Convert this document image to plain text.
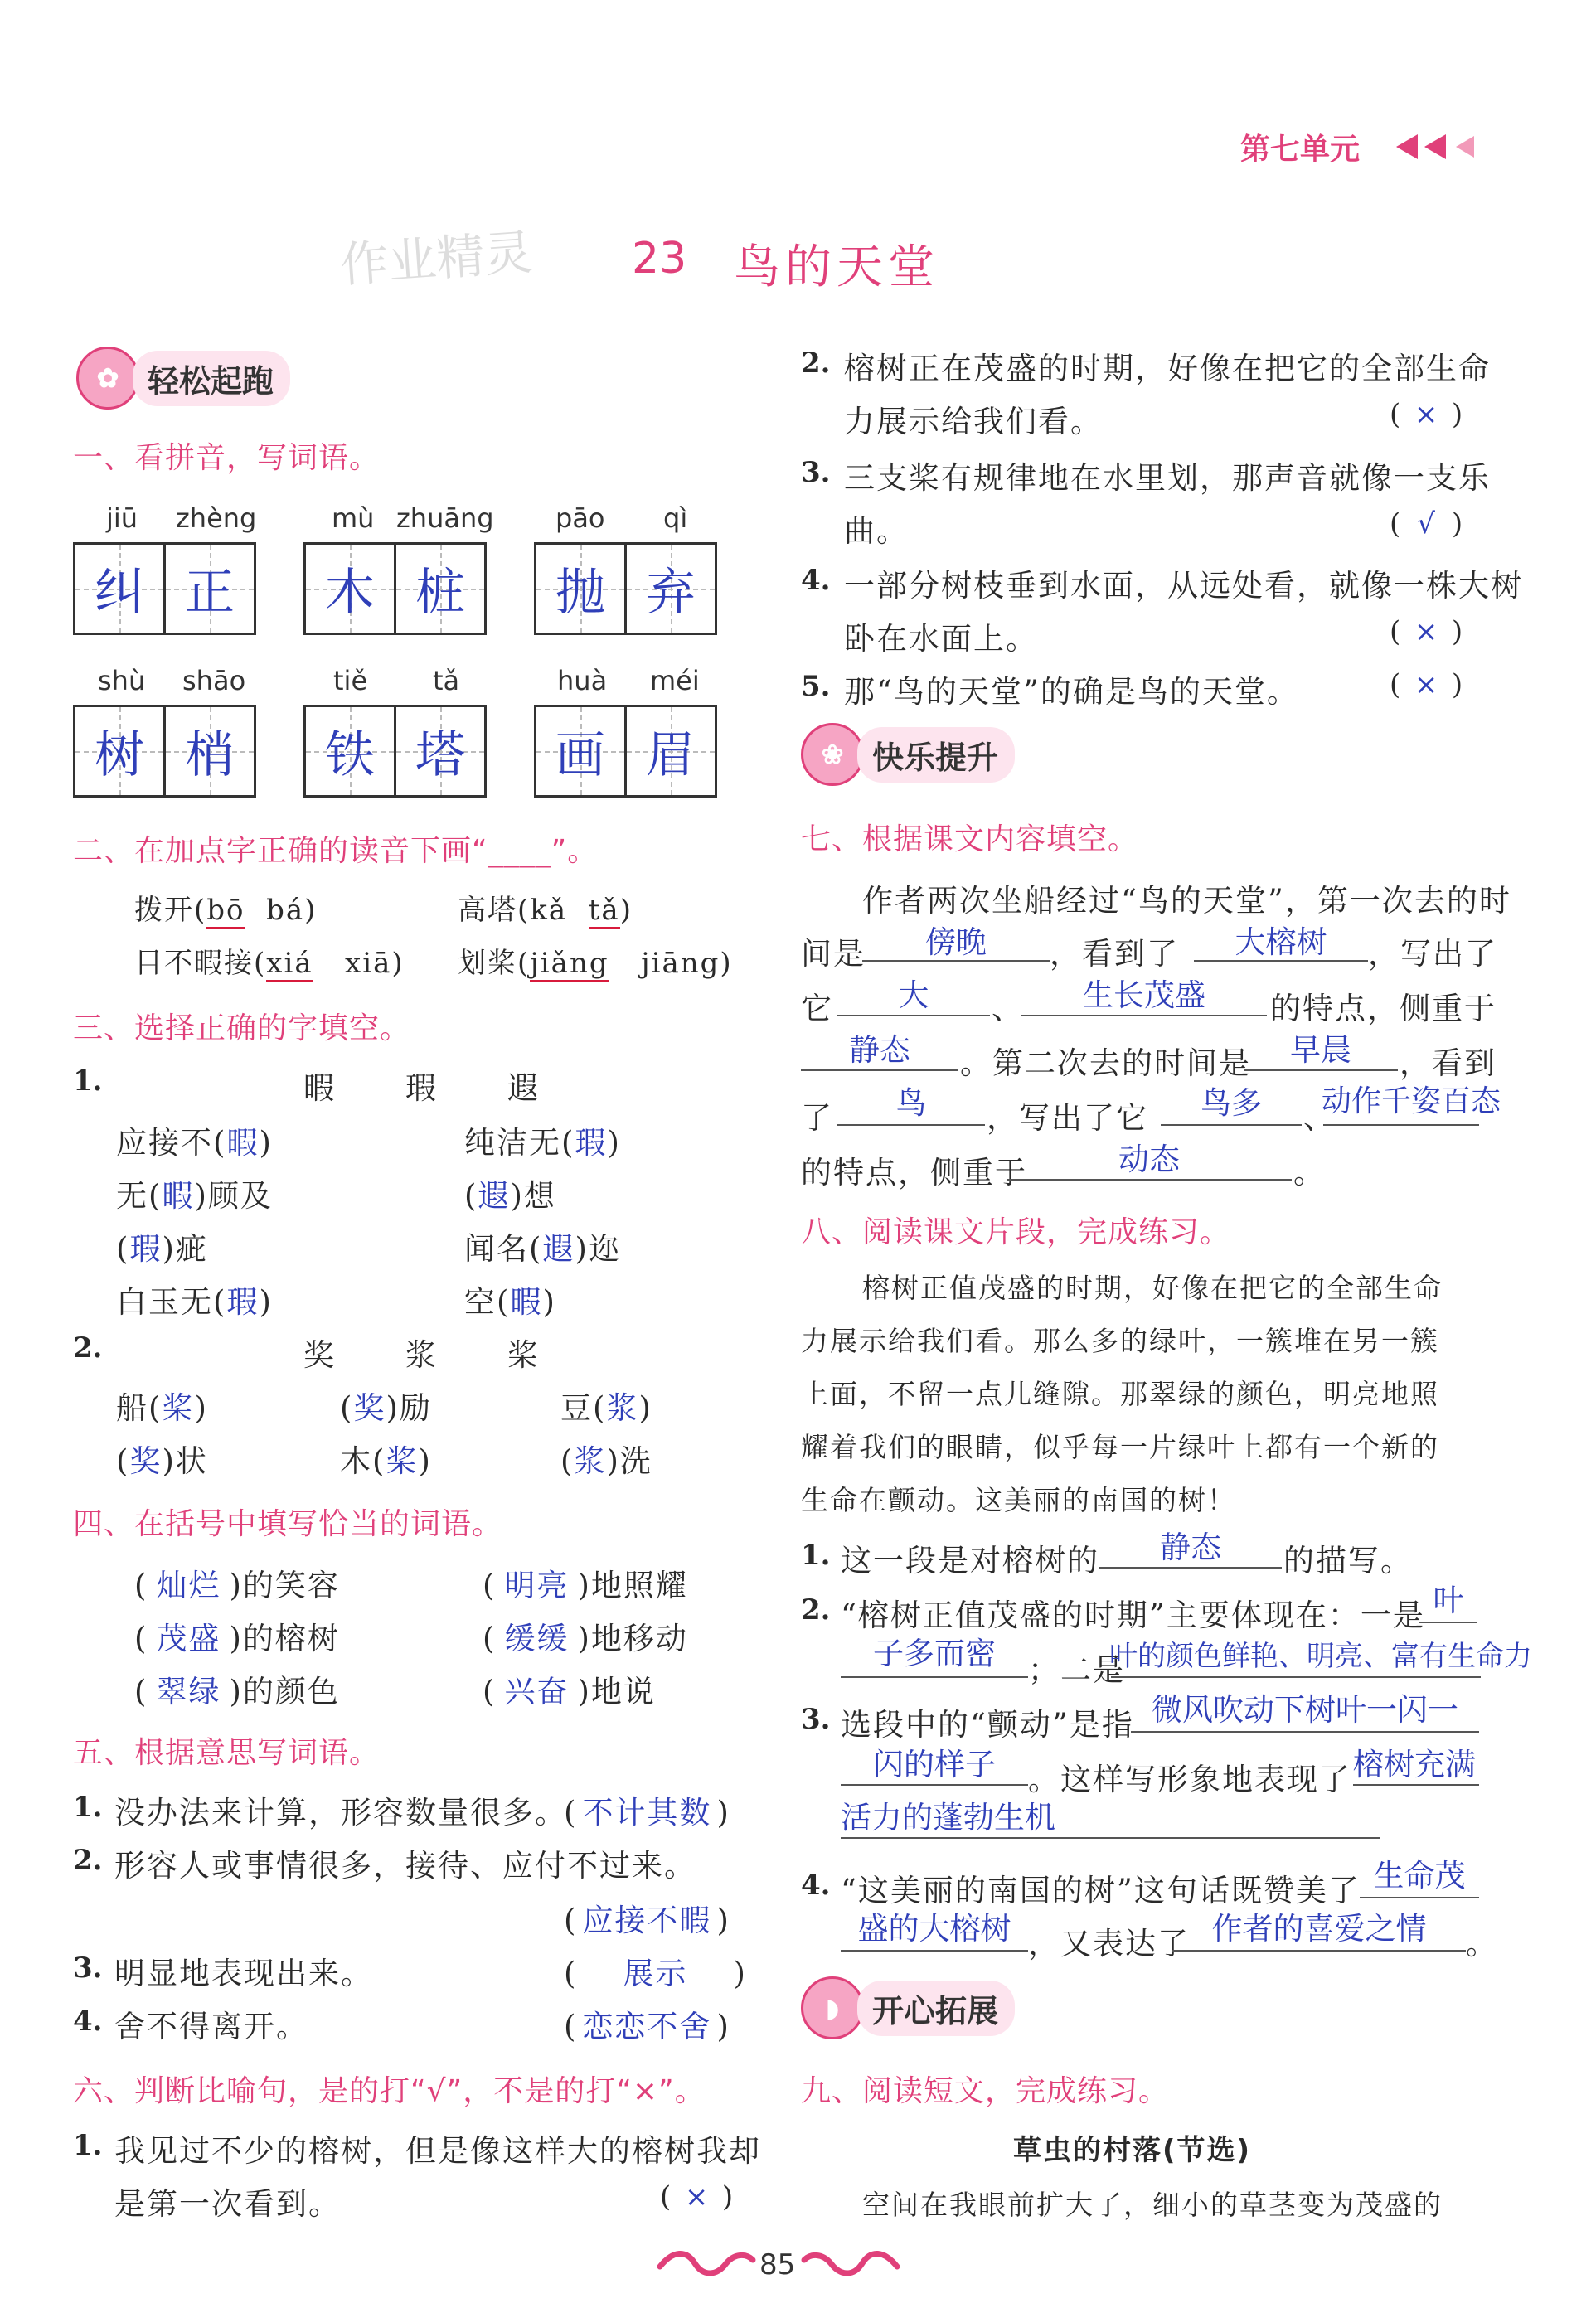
第七单元
作业精灵 23 鸟的天堂
✿ 轻松起跑
一、看拼音，写词语。
jiū zhèng
纠 正
mù zhuāng
木 桩
pāo qì
抛 弃
shù shāo
树 梢
tiě tǎ
铁 塔
huà méi
画 眉
二、在加点字正确的读音下画“____”。
拨开(bō bá)	高塔(kǎ tǎ)
目不暇接(xiá xiā) 划桨(jiǎng jiāng)
三、选择正确的字填空。
1.	暇　　瑕　　遐
应接不(暇)	纯洁无(瑕)
无(暇)顾及	(遐)想
(瑕)疵	闻名(遐)迩
白玉无(瑕)	空(暇)
2.	奖　　浆　　桨
船(桨)	(奖)励	豆(浆)
(奖)状	木(桨)	(浆)洗
四、在括号中填写恰当的词语。
( 灿烂 )的笑容	( 明亮 )地照耀
( 茂盛 )的榕树	( 缓缓 )地移动
( 翠绿 )的颜色	( 兴奋 )地说
五、根据意思写词语。
1. 没办法来计算，形容数量很多。
( 不计其数 )
2. 形容人或事情很多，接待、应付不过来。
( 应接不暇 )
3. 明显地表现出来。	( 展示 )
4. 舍不得离开。	( 恋恋不舍 )
六、判断比喻句，是的打“√”，不是的打“×”。
1. 我见过不少的榕树，但是像这样大的榕树我却
是第一次看到。	( × )
2. 榕树正在茂盛的时期，好像在把它的全部生命
力展示给我们看。	( × )
3. 三支桨有规律地在水里划，那声音就像一支乐
曲。	( √ )
4. 一部分树枝垂到水面，从远处看，就像一株大树
卧在水面上。	( × )
5. 那“鸟的天堂”的确是鸟的天堂。	( × )
❀ 快乐提升
七、根据课文内容填空。
作者两次坐船经过“鸟的天堂”，第一次去的时
间是	傍晚	，看到了	大榕树	，写出了
它	大	、	生长茂盛	的特点，侧重于
静态	。第二次去的时间是	早晨	，看到
了	鸟	，写出了它	鸟多	、
动作千姿百态
的特点，侧重于	动态	。
八、阅读课文片段，完成练习。
榕树正值茂盛的时期，好像在把它的全部生命
力展示给我们看。那么多的绿叶，一簇堆在另一簇
上面，不留一点儿缝隙。那翠绿的颜色，明亮地照
耀着我们的眼睛，似乎每一片绿叶上都有一个新的
生命在颤动。这美丽的南国的树！
1. 这一段是对榕树的	静态	的描写。
2. “榕树正值茂盛的时期”主要体现在：一是 叶
子多而密	；二是
叶的颜色鲜艳、明亮、富有生命力
3. 选段中的“颤动”是指 微风吹动下树叶一闪一
闪的样子	。这样写形象地表现了 榕树充满
活力的蓬勃生机
4. “这美丽的南国的树”这句话既赞美了 生命茂
盛的大榕树 ，又表达了 作者的喜爱之情	。
◗	开心拓展
九、阅读短文，完成练习。
草虫的村落(节选)
空间在我眼前扩大了，细小的草茎变为茂盛的
85
